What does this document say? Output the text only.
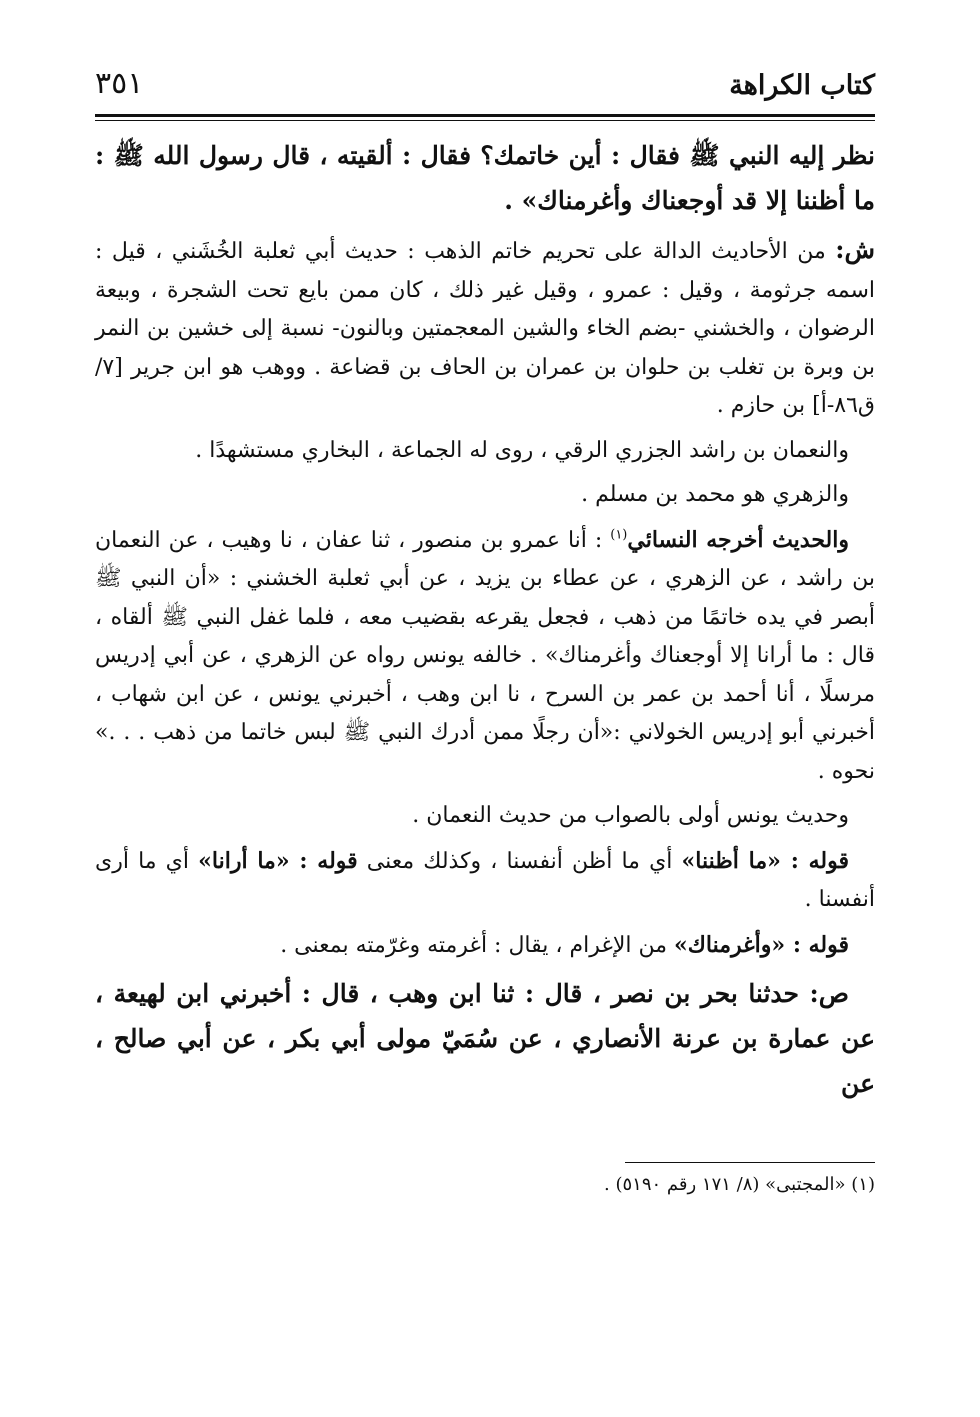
كتاب الكراهة
٣٥١

نظر إليه النبي ﷺ فقال : أين خاتمك؟ فقال : ألقيته ، قال رسول الله ﷺ : ما أظننا إلا قد أوجعناك وأغرمناك» .

ش: من الأحاديث الدالة على تحريم خاتم الذهب : حديث أبي ثعلبة الخُشَني ، قيل : اسمه جرثومة ، وقيل : عمرو ، وقيل غير ذلك ، كان ممن بايع تحت الشجرة ، وبيعة الرضوان ، والخشني -بضم الخاء والشين المعجمتين وبالنون- نسبة إلى خشين بن النمر بن وبرة بن تغلب بن حلوان بن عمران بن الحاف بن قضاعة . ووهب هو ابن جرير [٧/ ق٨٦-أ] بن حازم .

والنعمان بن راشد الجزري الرقي ، روى له الجماعة ، البخاري مستشهدًا .

والزهري هو محمد بن مسلم .

والحديث أخرجه النسائي$^{(١)}$ : أنا عمرو بن منصور ، ثنا عفان ، نا وهيب ، عن النعمان بن راشد ، عن الزهري ، عن عطاء بن يزيد ، عن أبي ثعلبة الخشني : «أن النبي ﷺ أبصر في يده خاتمًا من ذهب ، فجعل يقرعه بقضيب معه ، فلما غفل النبي ﷺ ألقاه ، قال : ما أرانا إلا أوجعناك وأغرمناك» . خالفه يونس رواه عن الزهري ، عن أبي إدريس مرسلًا ، أنا أحمد بن عمر بن السرح ، نا ابن وهب ، أخبرني يونس ، عن ابن شهاب ، أخبرني أبو إدريس الخولاني :«أن رجلًا ممن أدرك النبي ﷺ لبس خاتما من ذهب . . .» نحوه .

وحديث يونس أولى بالصواب من حديث النعمان .

قوله : «ما أظننا» أي ما أظن أنفسنا ، وكذلك معنى قوله : «ما أرانا» أي ما أرى أنفسنا .

قوله : «وأغرمناك» من الإغرام ، يقال : أغرمته وغرّمته بمعنى .

ص: حدثنا بحر بن نصر ، قال : ثنا ابن وهب ، قال : أخبرني ابن لهيعة ، عن عمارة بن عرنة الأنصاري ، عن سُمَيّ مولى أبي بكر ، عن أبي صالح ، عن

(١) «المجتبى» (٨/ ١٧١ رقم ٥١٩٠) .
